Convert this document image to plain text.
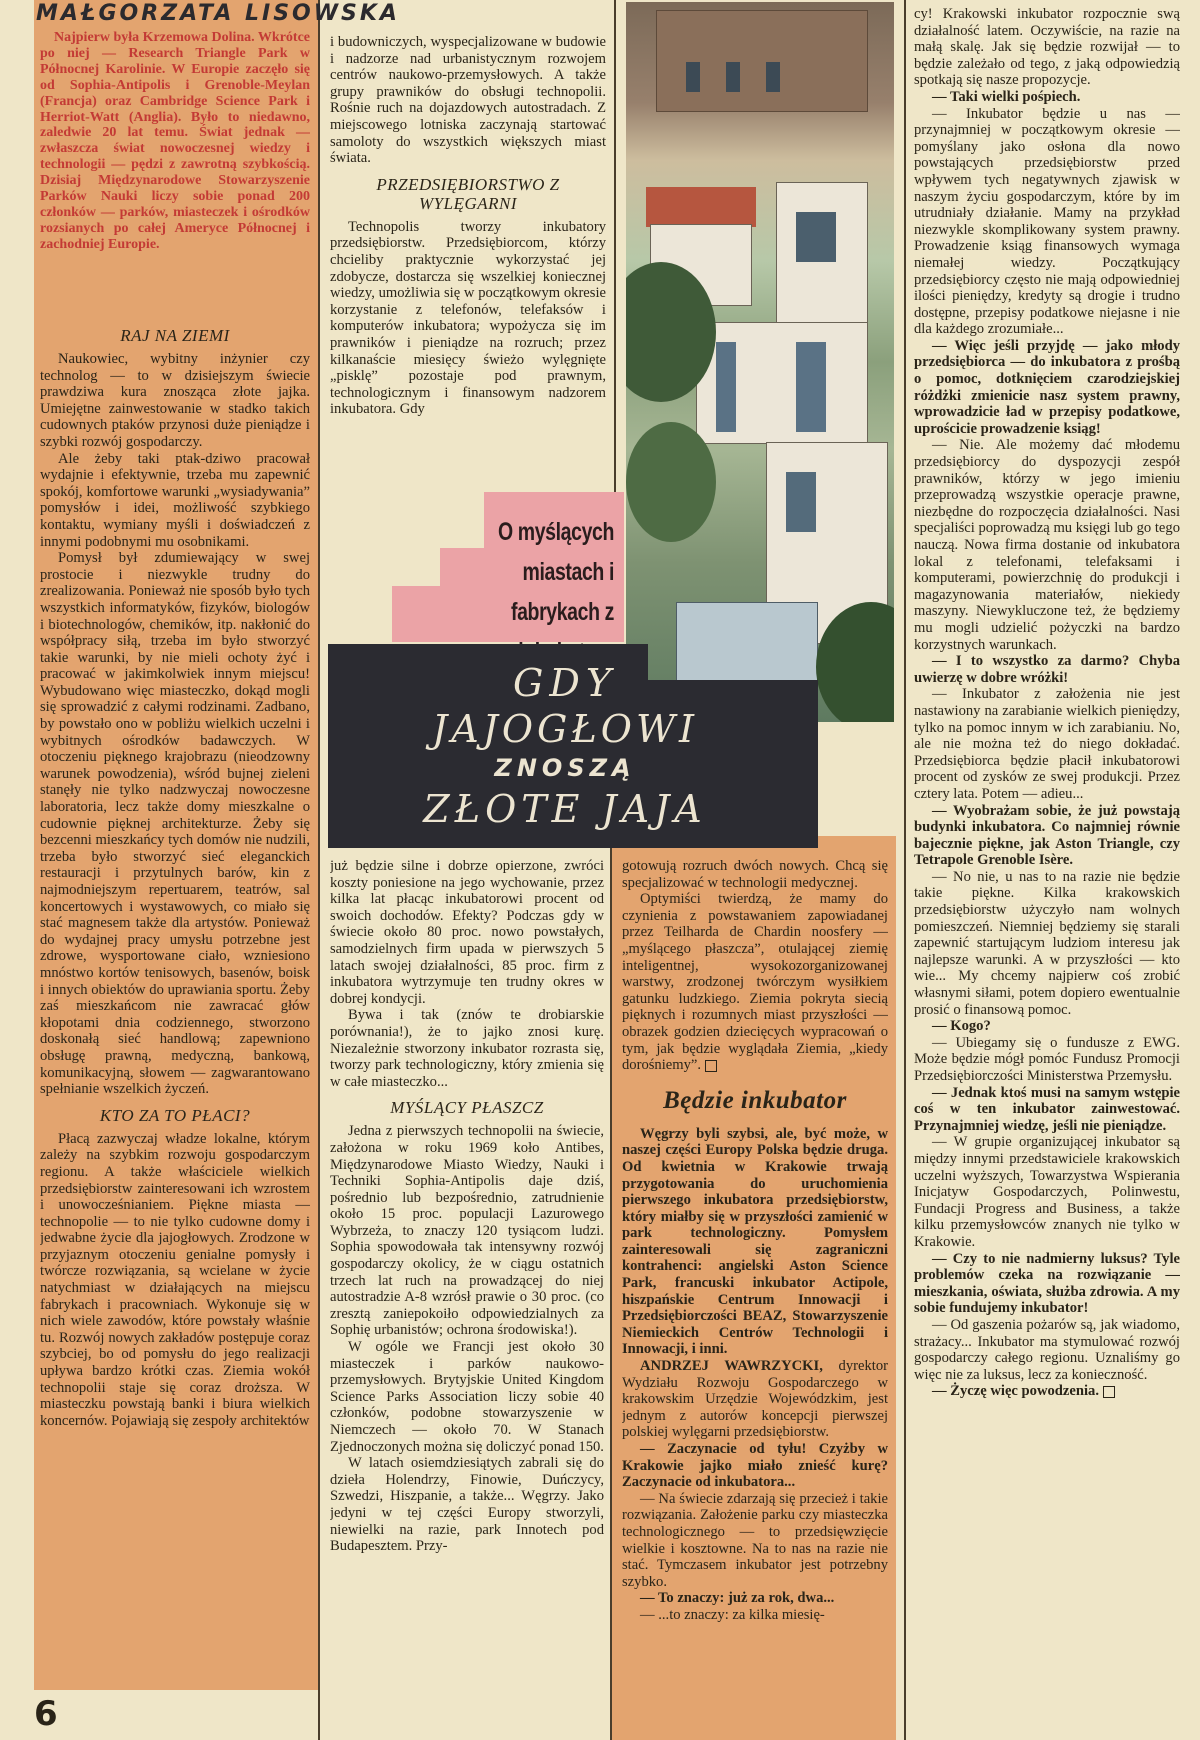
MAŁGORZATA LISOWSKA

Najpierw była Krzemowa Dolina. Wkrótce po niej — Research Triangle Park w Północnej Karolinie. W Europie zaczęło się od Sophia-Antipolis i Grenoble-Meylan (Francja) oraz Cambridge Science Park i Herriot-Watt (Anglia). Było to niedawno, zaledwie 20 lat temu. Świat jednak — zwłaszcza świat nowoczesnej wiedzy i technologii — pędzi z zawrotną szybkością. Dzisiaj Międzynarodowe Stowarzyszenie Parków Nauki liczy sobie ponad 200 członków — parków, miasteczek i ośrodków rozsianych po całej Ameryce Północnej i zachodniej Europie.

RAJ NA ZIEMI

Naukowiec, wybitny inżynier czy technolog — to w dzisiejszym świecie prawdziwa kura znosząca złote jajka. Umiejętne zainwestowanie w stadko takich cudownych ptaków przynosi duże pieniądze i szybki rozwój gospodarczy.

Ale żeby taki ptak-dziwo pracował wydajnie i efektywnie, trzeba mu zapewnić spokój, komfortowe warunki „wysiadywania” pomysłów i idei, możliwość szybkiego kontaktu, wymiany myśli i doświadczeń z innymi podobnymi mu osobnikami.

Pomysł był zdumiewający w swej prostocie i niezwykle trudny do zrealizowania. Ponieważ nie sposób było tych wszystkich informatyków, fizyków, biologów i biotechnologów, chemików, itp. nakłonić do współpracy siłą, trzeba im było stworzyć takie warunki, by nie mieli ochoty żyć i pracować w jakimkolwiek innym miejscu! Wybudowano więc miasteczko, dokąd mogli się sprowadzić z całymi rodzinami. Zadbano, by powstało ono w pobliżu wielkich uczelni i wybitnych ośrodków badawczych. W otoczeniu pięknego krajobrazu (nieodzowny warunek powodzenia), wśród bujnej zieleni stanęły nie tylko nadzwyczaj nowoczesne laboratoria, lecz także domy mieszkalne o cudownie pięknej architekturze. Żeby się bezcenni mieszkańcy tych domów nie nudzili, trzeba było stworzyć sieć eleganckich restauracji i przytulnych barów, kin z najmodniejszym repertuarem, teatrów, sal koncertowych i wystawowych, co miało się stać magnesem także dla artystów. Ponieważ do wydajnej pracy umysłu potrzebne jest zdrowe, wysportowane ciało, wzniesiono mnóstwo kortów tenisowych, basenów, boisk i innych obiektów do uprawiania sportu. Żeby zaś mieszkańcom nie zawracać głów kłopotami dnia codziennego, stworzono doskonałą sieć handlową; zapewniono obsługę prawną, medyczną, bankową, komunikacyjną, słowem — zagwarantowano spełnianie wszelkich życzeń.

KTO ZA TO PŁACI?

Płacą zazwyczaj władze lokalne, którym zależy na szybkim rozwoju gospodarczym regionu. A także właściciele wielkich przedsiębiorstw zainteresowani ich wzrostem i unowocześnianiem. Piękne miasta — technopolie — to nie tylko cudowne domy i jedwabne życie dla jajogłowych. Zrodzone w przyjaznym otoczeniu genialne pomysły i twórcze rozwiązania, są wcielane w życie natychmiast w działających na miejscu fabrykach i pracowniach. Wykonuje się w nich wiele zawodów, które powstały właśnie tu. Rozwój nowych zakładów postępuje coraz szybciej, bo od pomysłu do jego realizacji upływa bardzo krótki czas. Ziemia wokół technopolii staje się coraz droższa. W miasteczku powstają banki i biura wielkich koncernów. Pojawiają się zespoły architektów

i budowniczych, wyspecjalizowane w budowie i nadzorze nad urbanistycznym rozwojem centrów naukowo-przemysłowych. A także grupy prawników do obsługi technopolii. Rośnie ruch na dojazdowych autostradach. Z miejscowego lotniska zaczynają startować samoloty do wszystkich większych miast świata.

PRZEDSIĘBIORSTWO Z WYLĘGARNI

Technopolis tworzy inkubatory przedsiębiorstw. Przedsiębiorcom, którzy chcieliby praktycznie wykorzystać jej zdobycze, dostarcza się wszelkiej koniecznej wiedzy, umożliwia się w początkowym okresie korzystanie z telefonów, telefaksów i komputerów inkubatora; wypożycza się im prawników i pieniądze na rozruch; przez kilkanaście miesięcy świeżo wylęgnięte „pisklę” pozostaje pod prawnym, technologicznym i finansowym nadzorem inkubatora. Gdy

O myślących miastach i fabrykach z
GDY
JAJOGŁOWI
ZNOSZĄ
ZŁOTE JAJA

już będzie silne i dobrze opierzone, zwróci koszty poniesione na jego wychowanie, przez kilka lat płacąc inkubatorowi procent od swoich dochodów. Efekty? Podczas gdy w świecie około 80 proc. nowo powstałych, samodzielnych firm upada w pierwszych 5 latach swojej działalności, 85 proc. firm z inkubatora wytrzymuje ten trudny okres w dobrej kondycji.

Bywa i tak (znów te drobiarskie porównania!), że to jajko znosi kurę. Niezależnie stworzony inkubator rozrasta się, tworzy park technologiczny, który zmienia się w całe miasteczko...

MYŚLĄCY PŁASZCZ

Jedna z pierwszych technopolii na świecie, założona w roku 1969 koło Antibes, Międzynarodowe Miasto Wiedzy, Nauki i Techniki Sophia-Antipolis daje dziś, pośrednio lub bezpośrednio, zatrudnienie około 15 proc. populacji Lazurowego Wybrzeża, to znaczy 120 tysiącom ludzi. Sophia spowodowała tak intensywny rozwój gospodarczy okolicy, że w ciągu ostatnich trzech lat ruch na prowadzącej do niej autostradzie A-8 wzrósł prawie o 30 proc. (co zresztą zaniepokoiło odpowiedzialnych za Sophię urbanistów; ochrona środowiska!).

W ogóle we Francji jest około 30 miasteczek i parków naukowo-przemysłowych. Brytyjskie United Kingdom Science Parks Association liczy sobie 40 członków, podobne stowarzyszenie w Niemczech — około 70. W Stanach Zjednoczonych można się doliczyć ponad 150.

W latach osiemdziesiątych zabrali się do dzieła Holendrzy, Finowie, Duńczycy, Szwedzi, Hiszpanie, a także... Węgrzy. Jako jedyni w tej części Europy stworzyli, niewielki na razie, park Innotech pod Budapesztem. Przy-

gotowują rozruch dwóch nowych. Chcą się specjalizować w technologii medycznej.

Optymiści twierdzą, że mamy do czynienia z powstawaniem zapowiadanej przez Teilharda de Chardin noosfery — „myślącego płaszcza”, otulającej ziemię inteligentnej, wysokozorganizowanej warstwy, zrodzonej twórczym wysiłkiem gatunku ludzkiego. Ziemia pokryta siecią pięknych i rozumnych miast przyszłości — obrazek godzien dziecięcych wypracowań o tym, jak będzie wyglądała Ziemia, „kiedy dorośniemy”.

Będzie inkubator

Węgrzy byli szybsi, ale, być może, w naszej części Europy Polska będzie druga. Od kwietnia w Krakowie trwają przygotowania do uruchomienia pierwszego inkubatora przedsiębiorstw, który miałby się w przyszłości zamienić w park technologiczny. Pomysłem zainteresowali się zagraniczni kontrahenci: angielski Aston Science Park, francuski inkubator Actipole, hiszpańskie Centrum Innowacji i Przedsiębiorczości BEAZ, Stowarzyszenie Niemieckich Centrów Technologii i Innowacji, i inni.

ANDRZEJ WAWRZYCKI, dyrektor Wydziału Rozwoju Gospodarczego w krakowskim Urzędzie Wojewódzkim, jest jednym z autorów koncepcji pierwszej polskiej wylęgarni przedsiębiorstw.

— Zaczynacie od tyłu! Czyżby w Krakowie jajko miało znieść kurę? Zaczynacie od inkubatora...

— Na świecie zdarzają się przecież i takie rozwiązania. Założenie parku czy miasteczka technologicznego — to przedsięwzięcie wielkie i kosztowne. Na to nas na razie nie stać. Tymczasem inkubator jest potrzebny szybko.

— To znaczy: już za rok, dwa...

— ...to znaczy: za kilka miesię-

cy! Krakowski inkubator rozpocznie swą działalność latem. Oczywiście, na razie na małą skalę. Jak się będzie rozwijał — to będzie zależało od tego, z jaką odpowiedzią spotkają się nasze propozycje.

— Taki wielki pośpiech.

— Inkubator będzie u nas — przynajmniej w początkowym okresie — pomyślany jako osłona dla nowo powstających przedsiębiorstw przed wpływem tych negatywnych zjawisk w naszym życiu gospodarczym, które by im utrudniały działanie. Mamy na przykład niezwykle skomplikowany system prawny. Prowadzenie ksiąg finansowych wymaga niemałej wiedzy. Początkujący przedsiębiorcy często nie mają odpowiedniej ilości pieniędzy, kredyty są drogie i trudno dostępne, przepisy podatkowe niejasne i nie dla każdego zrozumiałe...

— Więc jeśli przyjdę — jako młody przedsiębiorca — do inkubatora z prośbą o pomoc, dotknięciem czarodziejskiej różdżki zmienicie nasz system prawny, wprowadzicie ład w przepisy podatkowe, uprościcie prowadzenie ksiąg!

— Nie. Ale możemy dać młodemu przedsiębiorcy do dyspozycji zespół prawników, którzy w jego imieniu przeprowadzą wszystkie operacje prawne, niezbędne do rozpoczęcia działalności. Nasi specjaliści poprowadzą mu księgi lub go tego nauczą. Nowa firma dostanie od inkubatora lokal z telefonami, telefaksami i komputerami, powierzchnię do produkcji i magazynowania materiałów, niekiedy maszyny. Niewykluczone też, że będziemy mu mogli udzielić pożyczki na bardzo korzystnych warunkach.

— I to wszystko za darmo? Chyba uwierzę w dobre wróżki!

— Inkubator z założenia nie jest nastawiony na zarabianie wielkich pieniędzy, tylko na pomoc innym w ich zarabianiu. No, ale nie można też do niego dokładać. Przedsiębiorca będzie płacił inkubatorowi procent od zysków ze swej produkcji. Przez cztery lata. Potem — adieu...

— Wyobrażam sobie, że już powstają budynki inkubatora. Co najmniej równie bajecznie piękne, jak Aston Triangle, czy Tetrapole Grenoble Isère.

— No nie, u nas to na razie nie będzie takie piękne. Kilka krakowskich przedsiębiorstw użyczyło nam wolnych pomieszczeń. Niemniej będziemy się starali zapewnić startującym ludziom interesu jak najlepsze warunki. A w przyszłości — kto wie... My chcemy najpierw coś zrobić własnymi siłami, potem dopiero ewentualnie prosić o finansową pomoc.

— Kogo?

— Ubiegamy się o fundusze z EWG. Może będzie mógł pomóc Fundusz Promocji Przedsiębiorczości Ministerstwa Przemysłu.

— Jednak ktoś musi na samym wstępie coś w ten inkubator zainwestować. Przynajmniej wiedzę, jeśli nie pieniądze.

— W grupie organizującej inkubator są między innymi przedstawiciele krakowskich uczelni wyższych, Towarzystwa Wspierania Inicjatyw Gospodarczych, Polinwestu, Fundacji Progress and Business, a także kilku przemysłowców znanych nie tylko w Krakowie.

— Czy to nie nadmierny luksus? Tyle problemów czeka na rozwiązanie — mieszkania, oświata, służba zdrowia. A my sobie fundujemy inkubator!

— Od gaszenia pożarów są, jak wiadomo, strażacy... Inkubator ma stymulować rozwój gospodarczy całego regionu. Uznaliśmy go więc nie za luksus, lecz za konieczność.

— Życzę więc powodzenia.

6
